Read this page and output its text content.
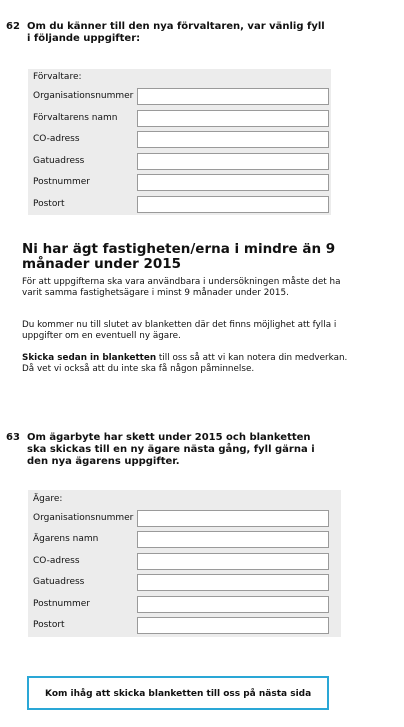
62 Om du känner till den nya förvaltaren, var vänlig fyll i följande uppgifter:
Förvaltare:
Organisationsnummer
Förvaltarens namn
CO-adress
Gatuadress
Postnummer
Postort
Ni har ägt fastigheten/erna i mindre än 9 månader under 2015
För att uppgifterna ska vara användbara i undersökningen måste det ha varit samma fastighetsägare i minst 9 månader under 2015.
Du kommer nu till slutet av blanketten där det finns möjlighet att fylla i uppgifter om en eventuell ny ägare.
Skicka sedan in blanketten till oss så att vi kan notera din medverkan. Då vet vi också att du inte ska få någon påminnelse.
63 Om ägarbyte har skett under 2015 och blanketten ska skickas till en ny ägare nästa gång, fyll gärna i den nya ägarens uppgifter.
Ägare:
Organisationsnummer
Ägarens namn
CO-adress
Gatuadress
Postnummer
Postort
Kom ihåg att skicka blanketten till oss på nästa sida
